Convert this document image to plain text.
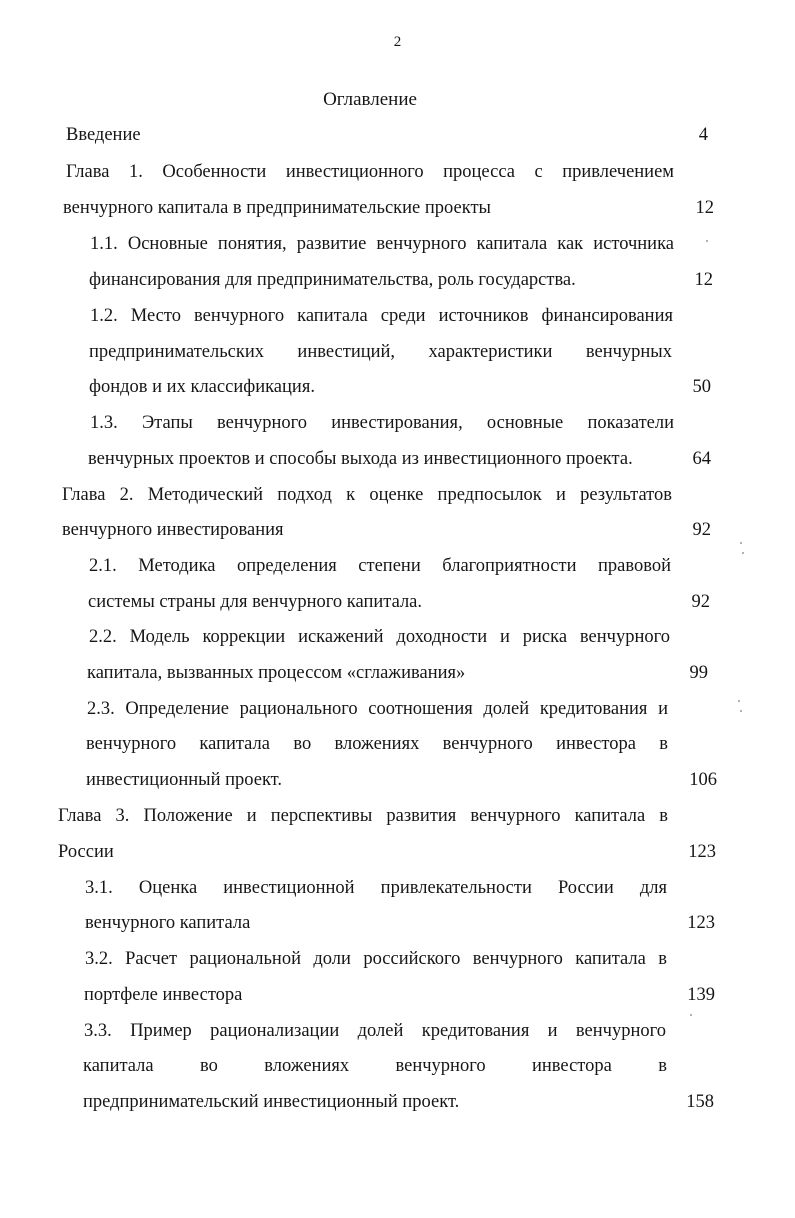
2
Оглавление
Введение	4
Глава 1. Особенности инвестиционного процесса с привлечением
венчурного капитала в предпринимательские проекты	12
1.1. Основные понятия, развитие венчурного капитала как источника
финансирования для предпринимательства, роль государства.	12
1.2. Место венчурного капитала среди источников финансирования
предпринимательских инвестиций, характеристики венчурных
фондов и их классификация.	50
1.3. Этапы венчурного инвестирования, основные показатели
венчурных проектов и способы выхода из инвестиционного проекта.	64
Глава 2. Методический подход к оценке предпосылок и результатов
венчурного инвестирования	92
2.1. Методика определения степени благоприятности правовой
системы страны для венчурного капитала.	92
2.2. Модель коррекции искажений доходности и риска венчурного
капитала, вызванных процессом «сглаживания»	99
2.3. Определение рационального соотношения долей кредитования и
венчурного капитала во вложениях венчурного инвестора в
инвестиционный проект.	106
Глава 3. Положение и перспективы развития венчурного капитала в
России	123
3.1. Оценка инвестиционной привлекательности России для
венчурного капитала	123
3.2. Расчет рациональной доли российского венчурного капитала в
портфеле инвестора	139
3.3. Пример рационализации долей кредитования и венчурного
капитала во вложениях венчурного инвестора в
предпринимательский инвестиционный проект.	158
